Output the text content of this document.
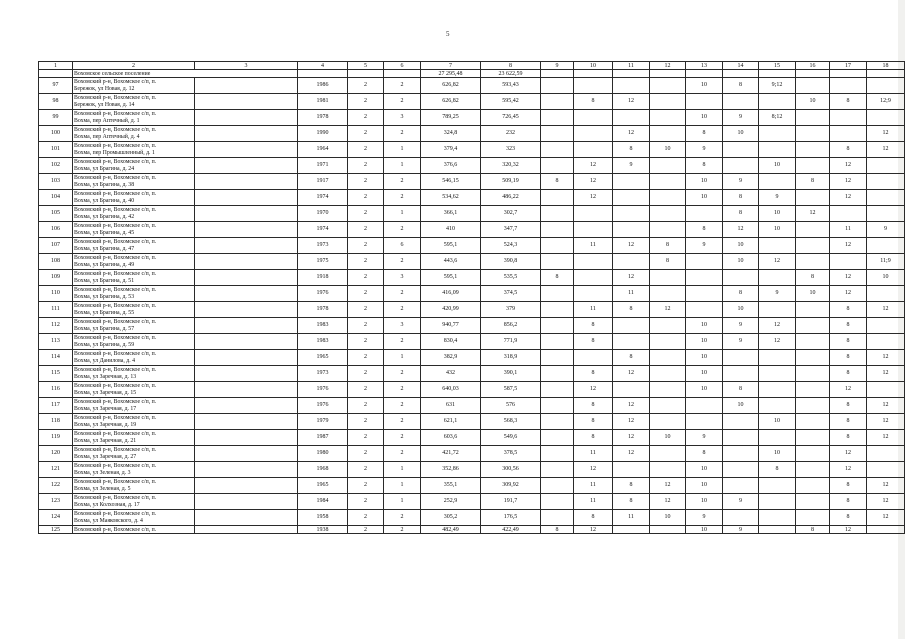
5
1	2	3	4	5	6	7	8	9	10	11	12	13	14	15	16	17	18
	Вохомское сельское поселение					27 295,48	23 622,59										
97	Вохомский р-н, Вохомское с/п, п.
Бережок, ул Новая, д. 12		1986	2	2	626,82	593,43					10	8	9;12			
98	Вохомский р-н, Вохомское с/п, п.
Бережок, ул Новая, д. 14		1981	2	2	626,82	595,42		8	12					10	8	12;9
99	Вохомский р-н, Вохомское с/п, п.
Вохма, пер Аптечный, д. 1		1978	2	3	789,25	726,45					10	9	8;12			
100	Вохомский р-н, Вохомское с/п, п.
Вохма, пер Аптечный, д. 4		1990	2	2	324,8	232			12		8	10				12
101	Вохомский р-н, Вохомское с/п, п.
Вохма, пер Промышленный, д. 1		1964	2	1	379,4	323			8	10	9				8	12
102	Вохомский р-н, Вохомское с/п, п.
Вохма, ул Брагина, д. 24		1971	2	1	376,6	320,32		12	9		8		10		12	
103	Вохомский р-н, Вохомское с/п, п.
Вохма, ул Брагина, д. 38		1917	2	2	546,15	509,19	8	12			10	9		8	12	
104	Вохомский р-н, Вохомское с/п, п.
Вохма, ул Брагина, д. 40		1974	2	2	534,62	486,22		12			10	8	9		12	
105	Вохомский р-н, Вохомское с/п, п.
Вохма, ул Брагина, д. 42		1970	2	1	366,1	302,7						8	10	12		
106	Вохомский р-н, Вохомское с/п, п.
Вохма, ул Брагина, д. 45		1974	2	2	410	347,7					8	12	10		11	9
107	Вохомский р-н, Вохомское с/п, п.
Вохма, ул Брагина, д. 47		1973	2	6	595,1	524,3		11	12	8	9	10			12	
108	Вохомский р-н, Вохомское с/п, п.
Вохма, ул Брагина, д. 49		1975	2	2	443,6	390,8				8		10	12			11;9
109	Вохомский р-н, Вохомское с/п, п.
Вохма, ул Брагина, д. 51		1918	2	3	595,1	535,5	8		12					8	12	10
110	Вохомский р-н, Вохомское с/п, п.
Вохма, ул Брагина, д. 53		1976	2	2	416,09	374,5			11			8	9	10	12	
111	Вохомский р-н, Вохомское с/п, п.
Вохма, ул Брагина, д. 55		1978	2	2	420,99	379		11	8	12		10			8	12
112	Вохомский р-н, Вохомское с/п, п.
Вохма, ул Брагина, д. 57		1983	2	3	940,77	856,2		8			10	9	12		8	
113	Вохомский р-н, Вохомское с/п, п.
Вохма, ул Брагина, д. 59		1983	2	2	830,4	771,9		8			10	9	12		8	
114	Вохомский р-н, Вохомское с/п, п.
Вохма, ул Данилова, д. 4		1965	2	1	382,9	318,9			8		10				8	12
115	Вохомский р-н, Вохомское с/п, п.
Вохма, ул Заречная, д. 13		1973	2	2	432	390,1		8	12		10				8	12
116	Вохомский р-н, Вохомское с/п, п.
Вохма, ул Заречная, д. 15		1976	2	2	640,03	587,5		12			10	8			12	
117	Вохомский р-н, Вохомское с/п, п.
Вохма, ул Заречная, д. 17		1976	2	2	631	576		8	12			10			8	12
118	Вохомский р-н, Вохомское с/п, п.
Вохма, ул Заречная, д. 19		1979	2	2	621,1	568,3		8	12				10		8	12
119	Вохомский р-н, Вохомское с/п, п.
Вохма, ул Заречная, д. 21		1987	2	2	603,6	549,6		8	12	10	9				8	12
120	Вохомский р-н, Вохомское с/п, п.
Вохма, ул Заречная, д. 27		1980	2	2	421,72	378,5		11	12		8		10		12	
121	Вохомский р-н, Вохомское с/п, п.
Вохма, ул Зеленая, д. 3		1968	2	1	352,86	300,56		12			10		8		12	
122	Вохомский р-н, Вохомское с/п, п.
Вохма, ул Зеленая, д. 5		1965	2	1	355,1	309,92		11	8	12	10				8	12
123	Вохомский р-н, Вохомское с/п, п.
Вохма, ул Колхозная, д. 17		1984	2	1	252,9	191,7		11	8	12	10	9			8	12
124	Вохомский р-н, Вохомское с/п, п.
Вохма, ул Маяковского, д. 4		1958	2	2	305,2	176,5		8	11	10	9				8	12
125	Вохомский р-н, Вохомское с/п, п.		1938	2	2	482,49	422,49	8	12			10	9		8	12	
